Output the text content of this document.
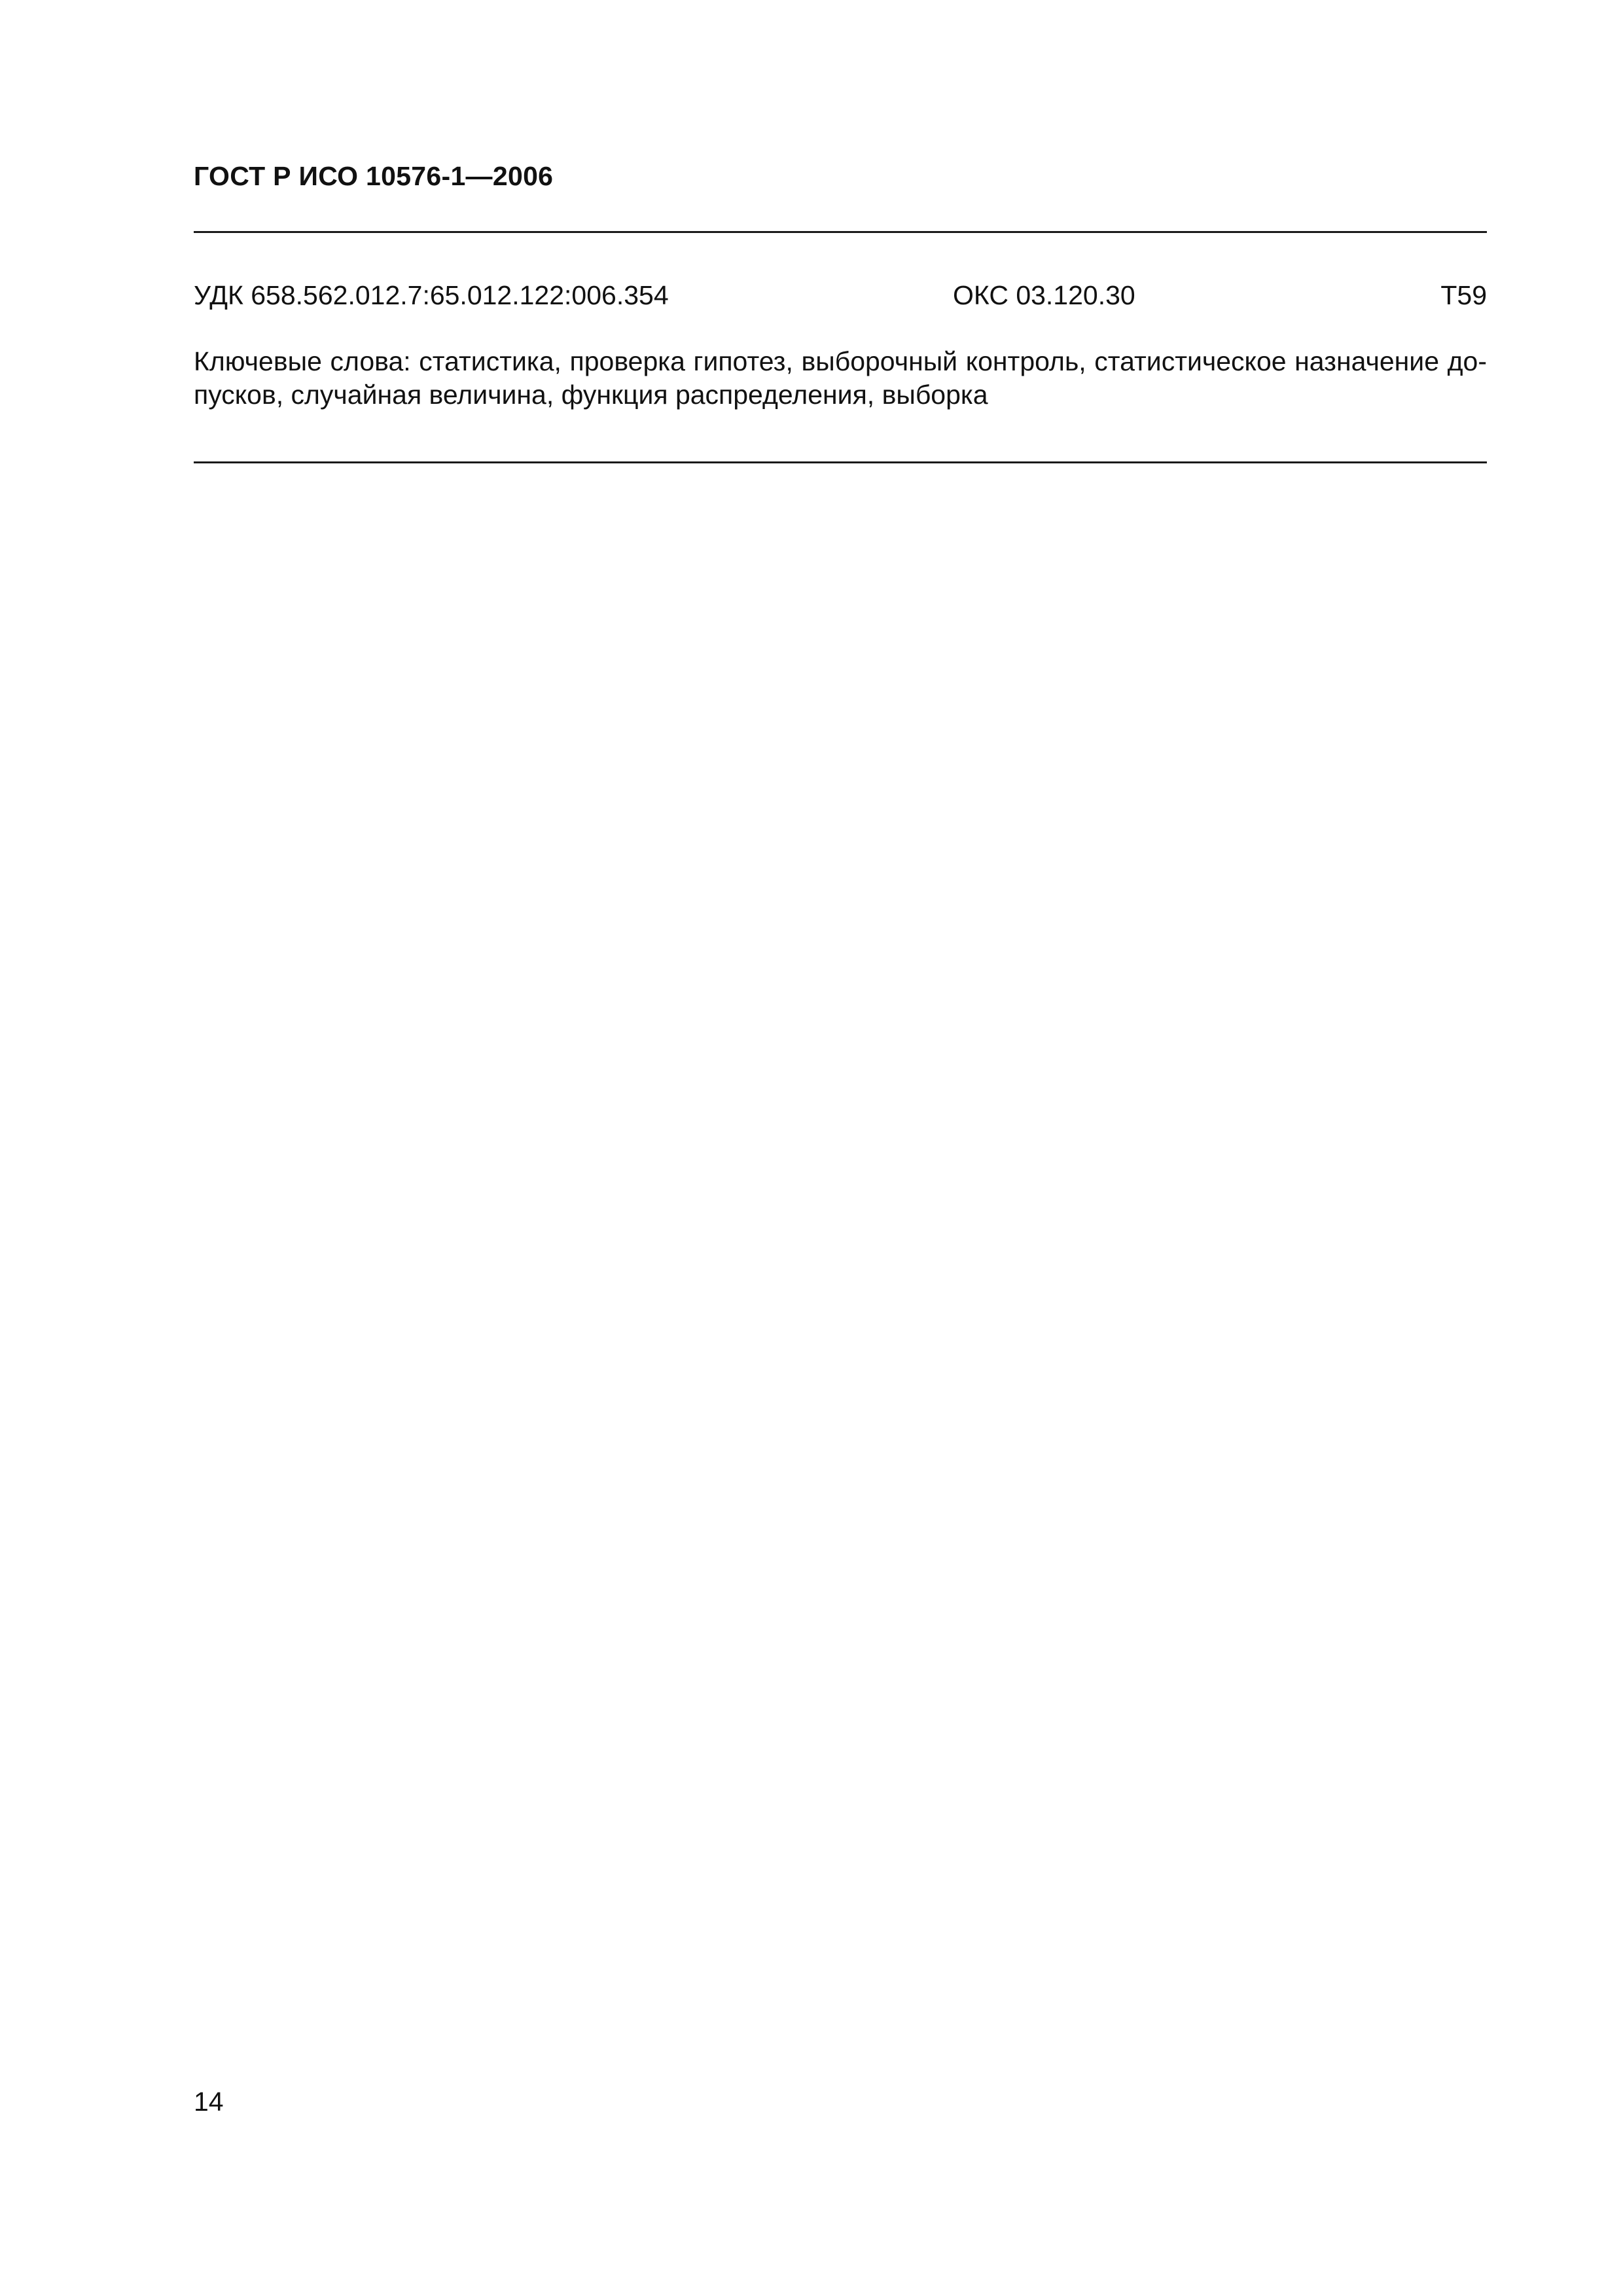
ГОСТ Р ИСО 10576-1—2006
УДК 658.562.012.7:65.012.122:006.354	ОКС 03.120.30	Т59
Ключевые слова: статистика, проверка гипотез, выборочный контроль, статистическое назначение до-
пусков, случайная величина, функция распределения, выборка
14
